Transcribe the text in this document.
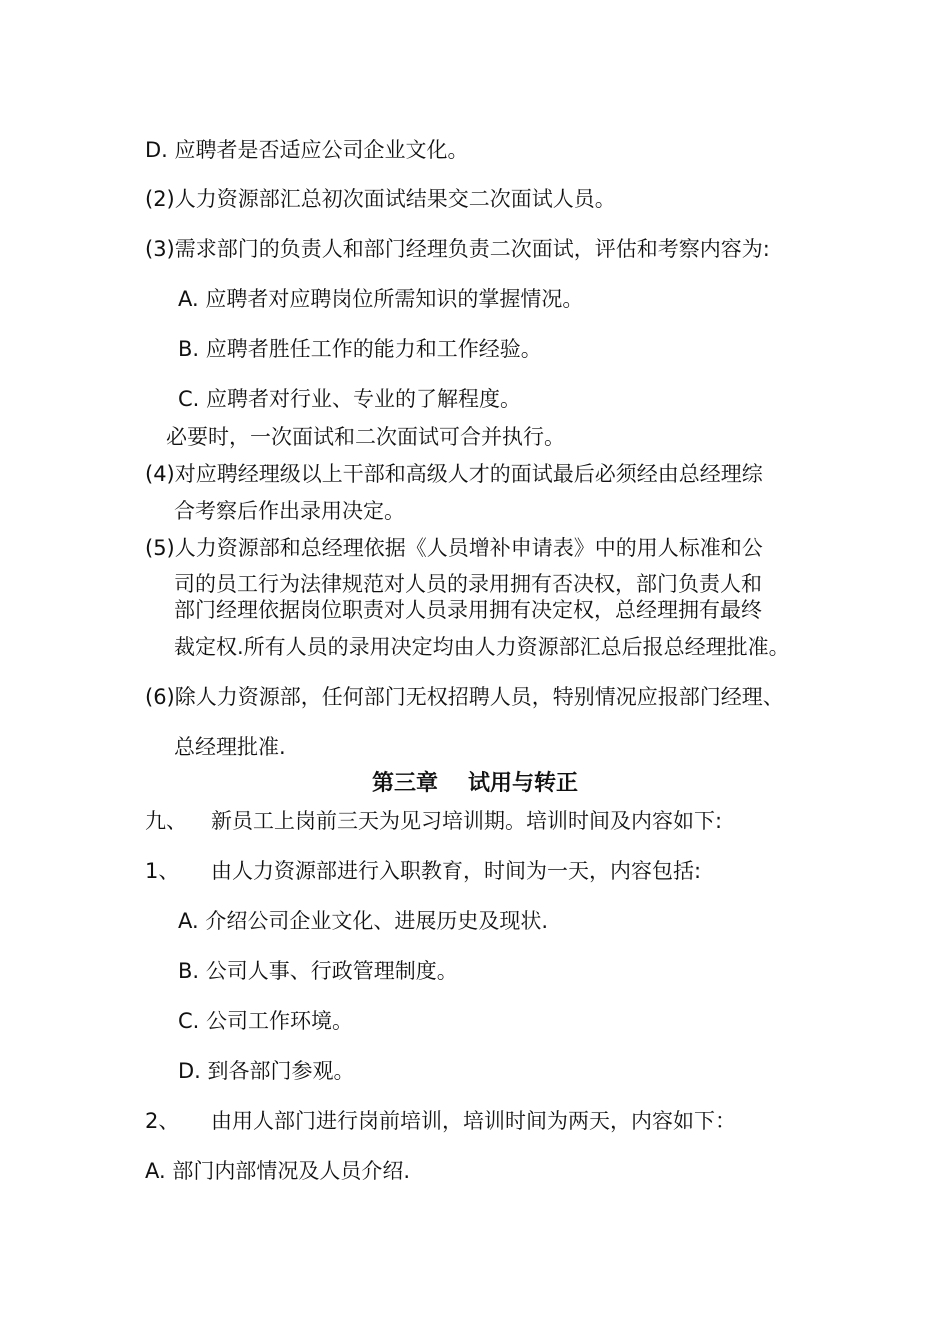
D. 应聘者是否适应公司企业文化。

(2)人力资源部汇总初次面试结果交二次面试人员。

(3)需求部门的负责人和部门经理负责二次面试，评估和考察内容为:

A. 应聘者对应聘岗位所需知识的掌握情况。

B. 应聘者胜任工作的能力和工作经验。

C. 应聘者对行业、专业的了解程度。

必要时，一次面试和二次面试可合并执行。

(4)对应聘经理级以上干部和高级人才的面试最后必须经由总经理综

合考察后作出录用决定。

(5)人力资源部和总经理依据《人员增补申请表》中的用人标准和公

司的员工行为法律规范对人员的录用拥有否决权，部门负责人和

部门经理依据岗位职责对人员录用拥有决定权，总经理拥有最终

裁定权.所有人员的录用决定均由人力资源部汇总后报总经理批准。

(6)除人力资源部，任何部门无权招聘人员，特别情况应报部门经理、

总经理批准.

第三章 试用与转正

九、 新员工上岗前三天为见习培训期。培训时间及内容如下:

1、 由人力资源部进行入职教育，时间为一天，内容包括:

A. 介绍公司企业文化、进展历史及现状.

B. 公司人事、行政管理制度。

C. 公司工作环境。

D. 到各部门参观。

2、 由用人部门进行岗前培训，培训时间为两天，内容如下：

A. 部门内部情况及人员介绍.
